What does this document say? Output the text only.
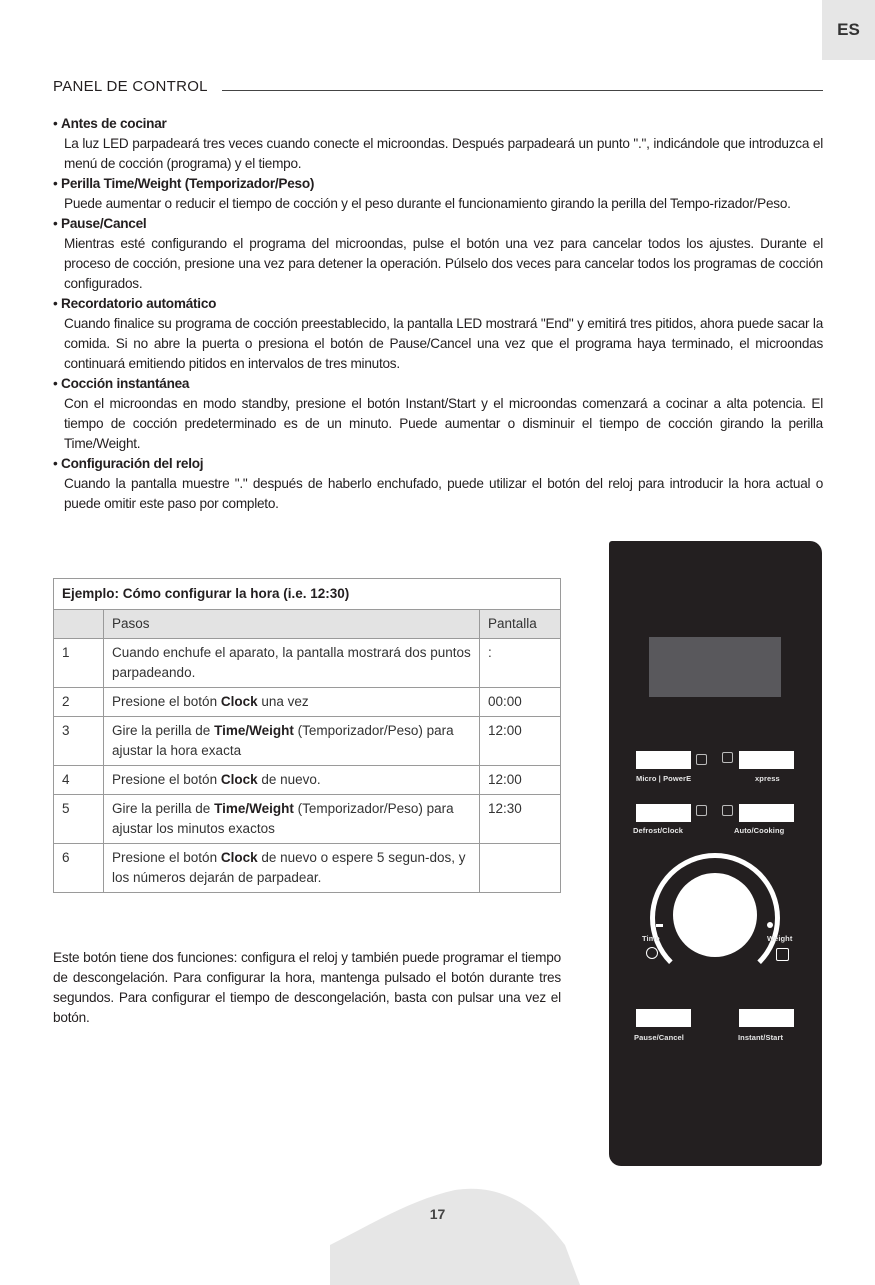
ES
PANEL DE CONTROL
• Antes de cocinar
La luz LED parpadeará tres veces cuando conecte el microondas. Después parpadeará un punto ".", indicándole que introduzca el menú de cocción (programa) y el tiempo.
• Perilla Time/Weight (Temporizador/Peso)
Puede aumentar o reducir el tiempo de cocción y el peso durante el funcionamiento girando la perilla del Tempo-rizador/Peso.
• Pause/Cancel
Mientras esté configurando el programa del microondas, pulse el botón una vez para cancelar todos los ajustes. Durante el proceso de cocción, presione una vez para detener la operación. Púlselo dos veces para cancelar todos los programas de cocción configurados.
• Recordatorio automático
Cuando finalice su programa de cocción preestablecido, la pantalla LED mostrará "End" y emitirá tres pitidos, ahora puede sacar la comida. Si no abre la puerta o presiona el botón de Pause/Cancel una vez que el programa haya terminado, el microondas continuará emitiendo pitidos en intervalos de tres minutos.
• Cocción instantánea
Con el microondas en modo standby, presione el botón Instant/Start y el microondas comenzará a cocinar a alta potencia. El tiempo de cocción predeterminado es de un minuto. Puede aumentar o disminuir el tiempo de cocción girando la perilla Time/Weight.
• Configuración del reloj
Cuando la pantalla muestre "." después de haberlo enchufado, puede utilizar el botón del reloj para introducir la hora actual o puede omitir este paso por completo.
Ejemplo: Cómo configurar la hora (i.e. 12:30)		
	Pasos	Pantalla
1	Cuando enchufe el aparato, la pantalla mostrará dos puntos parpadeando.	:
2	Presione el botón Clock una vez	00:00
3	Gire la perilla de Time/Weight (Temporizador/Peso) para ajustar la hora exacta	12:00
4	Presione el botón Clock de nuevo.	12:00
5	Gire la perilla de Time/Weight (Temporizador/Peso) para ajustar los minutos exactos	12:30
6	Presione el botón Clock de nuevo o espere 5 segun-dos, y los números dejarán de parpadear.	
Este botón tiene dos funciones: configura el reloj y también puede programar el tiempo de descongelación. Para configurar la hora, mantenga pulsado el botón durante tres segundos. Para configurar el tiempo de descongelación, basta con pulsar una vez el botón.
Micro | PowerE	xpress
Defrost/Clock	Auto/Cooking
Time	Weight
Pause/Cancel	Instant/Start
17
